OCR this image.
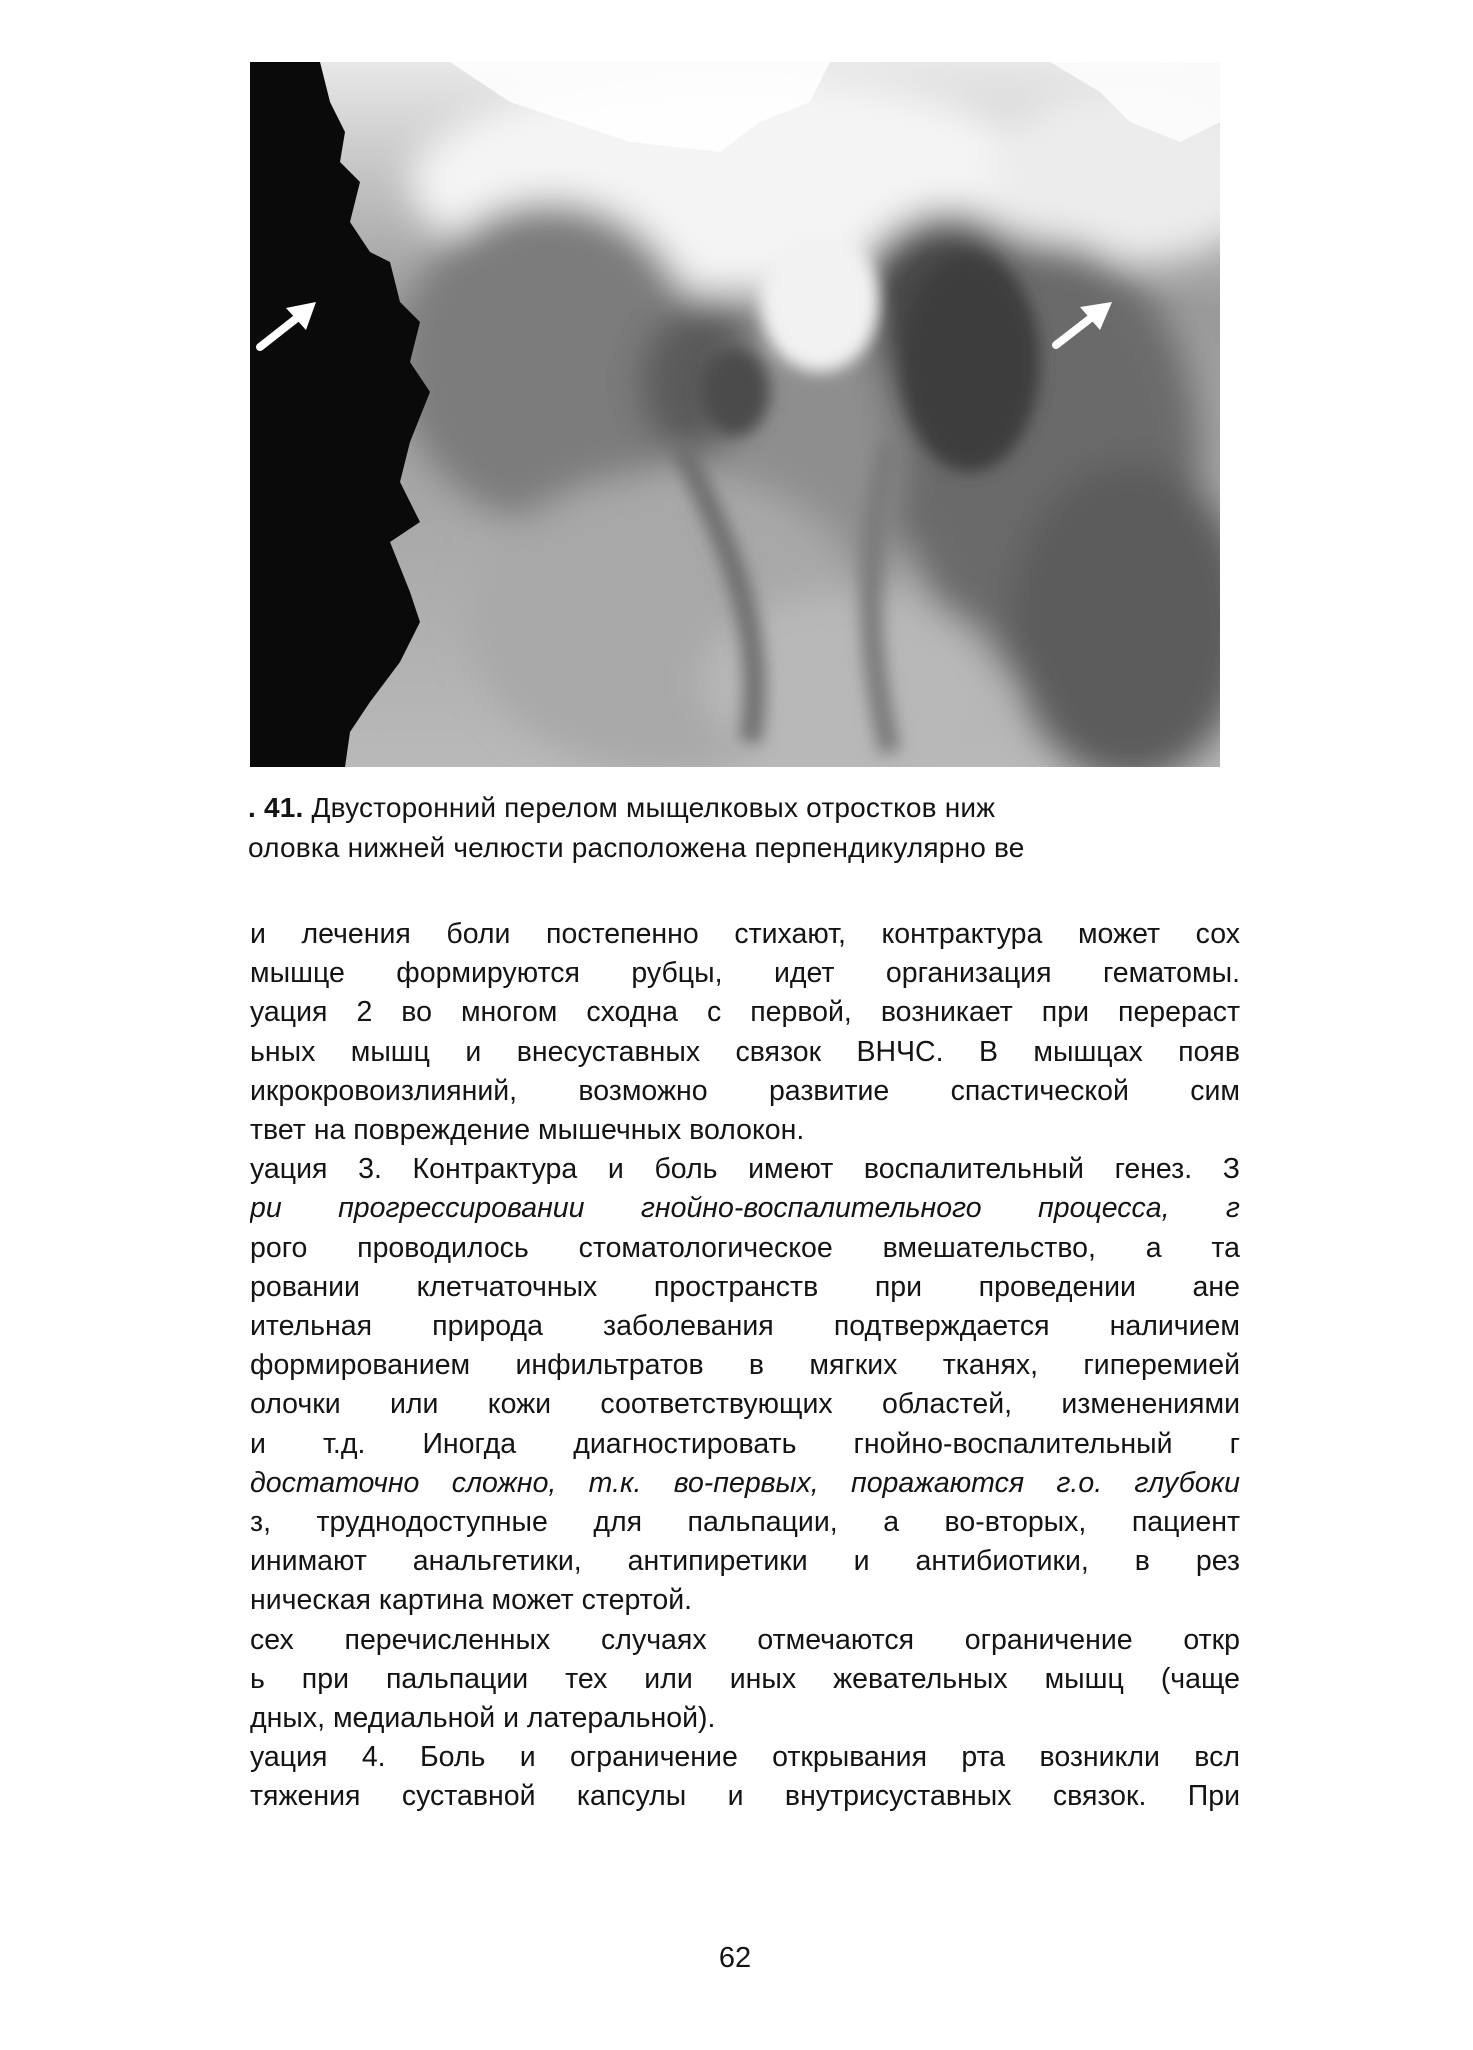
. 41. Двусторонний перелом мыщелковых отростков ниж
оловка нижней челюсти расположена перпендикулярно ве
и лечения боли постепенно стихают, контрактура может сох
мышце формируются рубцы, идет организация гематомы.
уация 2 во многом сходна с первой, возникает при перераст
ьных мышц и внесуставных связок ВНЧС. В мышцах появ
икрокровоизлияний, возможно развитие спастической сим
твет на повреждение мышечных волокон.
уация 3. Контрактура и боль имеют воспалительный генез. З
ри прогрессировании гнойно-воспалительного процесса, г
рого проводилось стоматологическое вмешательство, а та
ровании клетчаточных пространств при проведении ане
ительная природа заболевания подтверждается наличием
формированием инфильтратов в мягких тканях, гиперемией
олочки или кожи соответствующих областей, изменениями
и т.д. Иногда диагностировать гнойно-воспалительный г
достаточно сложно, т.к. во-первых, поражаются г.о. глубоки
з, труднодоступные для пальпации, а во-вторых, пациент
инимают анальгетики, антипиретики и антибиотики, в рез
ническая картина может стертой.
сех перечисленных случаях отмечаются ограничение откр
ь при пальпации тех или иных жевательных мышц (чаще
дных, медиальной и латеральной).
уация 4. Боль и ограничение открывания рта возникли всл
тяжения суставной капсулы и внутрисуставных связок. При
62
